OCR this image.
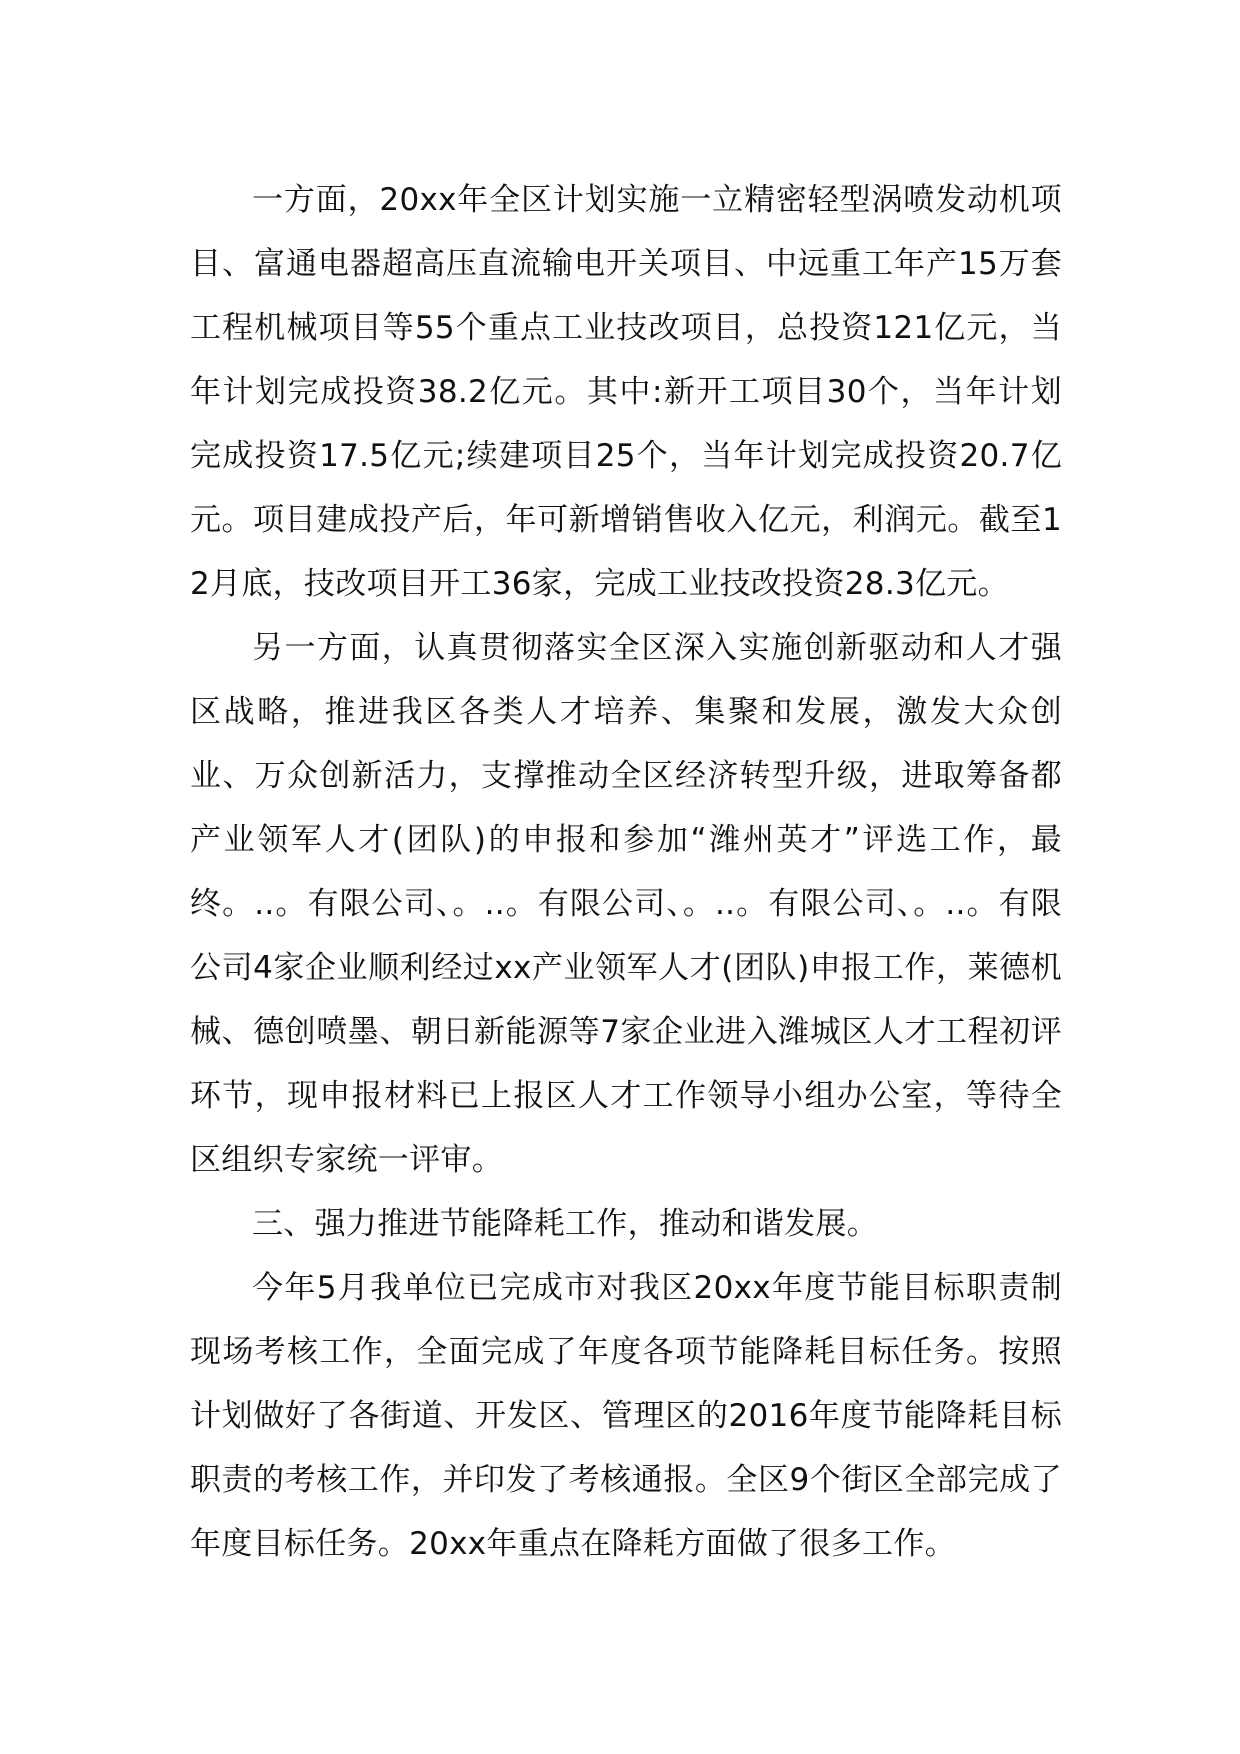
一方面，20xx年全区计划实施一立精密轻型涡喷发动机项目、富通电器超高压直流输电开关项目、中远重工年产15万套工程机械项目等55个重点工业技改项目，总投资121亿元，当年计划完成投资38.2亿元。其中:新开工项目30个，当年计划完成投资17.5亿元;续建项目25个，当年计划完成投资20.7亿元。项目建成投产后，年可新增销售收入亿元，利润元。截至12月底，技改项目开工36家，完成工业技改投资28.3亿元。

另一方面，认真贯彻落实全区深入实施创新驱动和人才强区战略，推进我区各类人才培养、集聚和发展，激发大众创业、万众创新活力，支撑推动全区经济转型升级，进取筹备都产业领军人才(团队)的申报和参加“潍州英才”评选工作，最终。..。有限公司、。..。有限公司、。..。有限公司、。..。有限公司4家企业顺利经过xx产业领军人才(团队)申报工作，莱德机械、德创喷墨、朝日新能源等7家企业进入潍城区人才工程初评环节，现申报材料已上报区人才工作领导小组办公室，等待全区组织专家统一评审。

三、强力推进节能降耗工作，推动和谐发展。

今年5月我单位已完成市对我区20xx年度节能目标职责制现场考核工作，全面完成了年度各项节能降耗目标任务。按照计划做好了各街道、开发区、管理区的2016年度节能降耗目标职责的考核工作，并印发了考核通报。全区9个街区全部完成了年度目标任务。20xx年重点在降耗方面做了很多工作。
